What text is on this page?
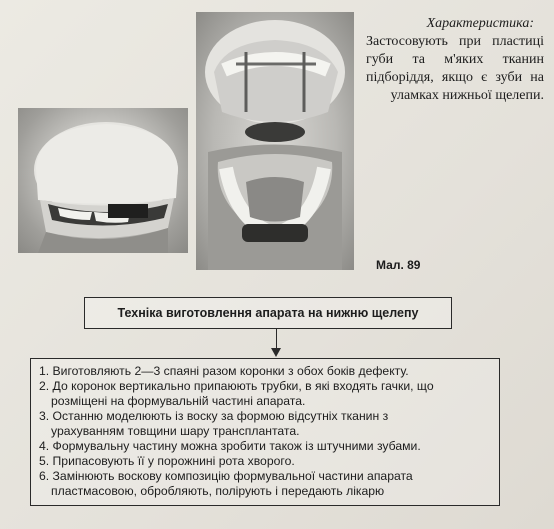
Характеристика:
Застосовують при пластиці губи та м'яких тканин підборіддя, якщо є зуби на уламках нижньої щелепи.
Мал. 89
Техніка виготовлення апарата на нижню щелепу

1. Виготовляють 2—3 спаяні разом коронки з обох боків дефекту.

2. До коронок вертикально припаюють трубки, в які входять гачки, що

розміщені на формувальній частині апарата.

3. Останню моделюють із воску за формою відсутніх тканин з

урахуванням товщини шару трансплантата.

4. Формувальну частину можна зробити також із штучними зубами.

5. Припасовують її у порожнині рота хворого.

6. Замінюють воскову композицію формувальної частини апарата

пластмасовою, обробляють, полірують і передають лікарю
